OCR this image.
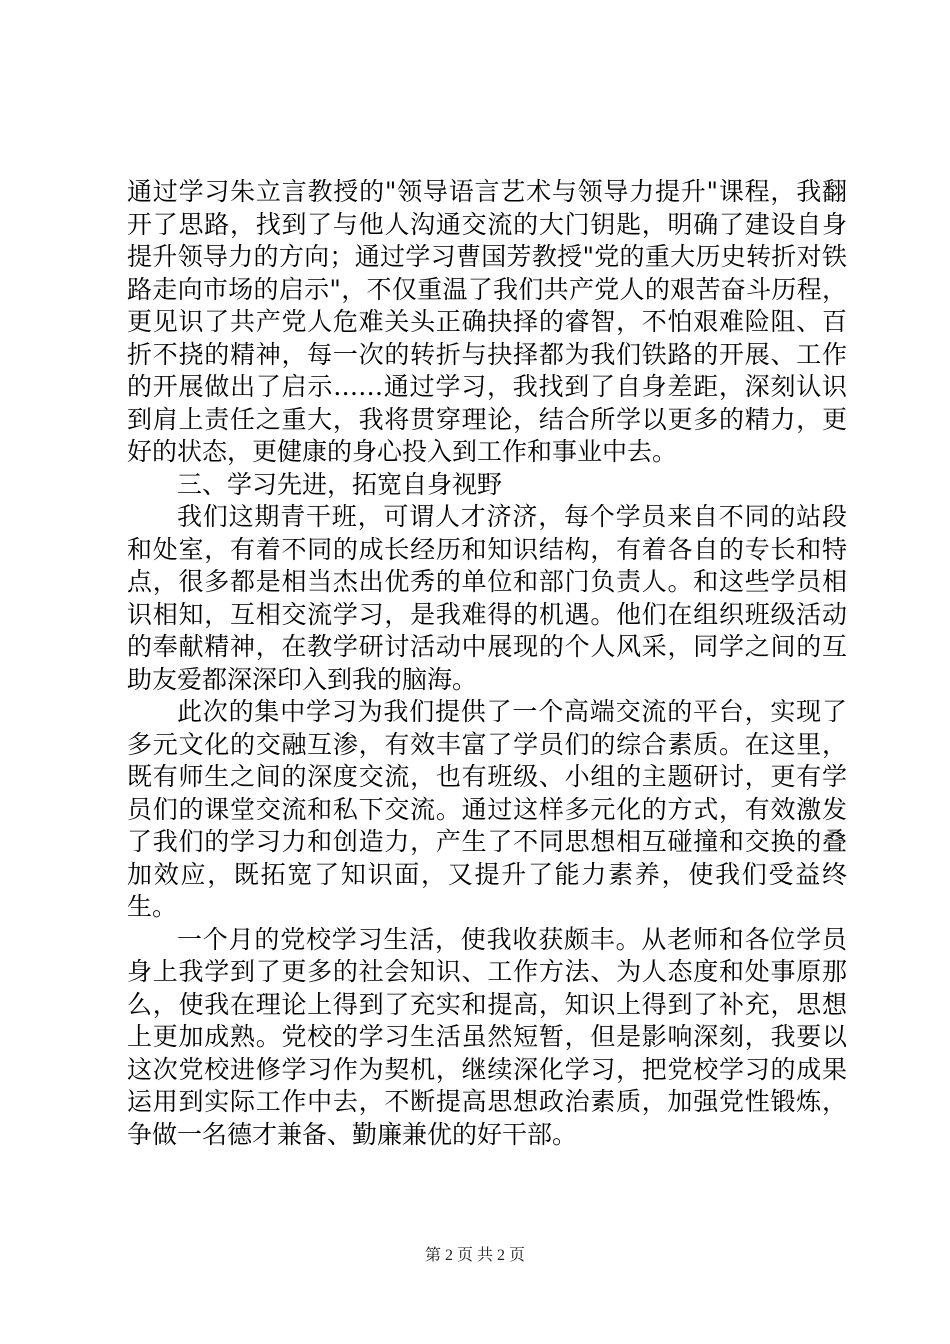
通过学习朱立言教授的"领导语言艺术与领导力提升"课程，我翻开了思路，找到了与他人沟通交流的大门钥匙，明确了建设自身提升领导力的方向；通过学习曹国芳教授"党的重大历史转折对铁路走向市场的启示"，不仅重温了我们共产党人的艰苦奋斗历程，更见识了共产党人危难关头正确抉择的睿智，不怕艰难险阻、百折不挠的精神，每一次的转折与抉择都为我们铁路的开展、工作的开展做出了启示……通过学习，我找到了自身差距，深刻认识到肩上责任之重大，我将贯穿理论，结合所学以更多的精力，更好的状态，更健康的身心投入到工作和事业中去。

三、学习先进，拓宽自身视野

我们这期青干班，可谓人才济济，每个学员来自不同的站段和处室，有着不同的成长经历和知识结构，有着各自的专长和特点，很多都是相当杰出优秀的单位和部门负责人。和这些学员相识相知，互相交流学习，是我难得的机遇。他们在组织班级活动的奉献精神，在教学研讨活动中展现的个人风采，同学之间的互助友爱都深深印入到我的脑海。

此次的集中学习为我们提供了一个高端交流的平台，实现了多元文化的交融互渗，有效丰富了学员们的综合素质。在这里，既有师生之间的深度交流，也有班级、小组的主题研讨，更有学员们的课堂交流和私下交流。通过这样多元化的方式，有效激发了我们的学习力和创造力，产生了不同思想相互碰撞和交换的叠加效应，既拓宽了知识面，又提升了能力素养，使我们受益终生。

一个月的党校学习生活，使我收获颇丰。从老师和各位学员身上我学到了更多的社会知识、工作方法、为人态度和处事原那么，使我在理论上得到了充实和提高，知识上得到了补充，思想上更加成熟。党校的学习生活虽然短暂，但是影响深刻，我要以这次党校进修学习作为契机，继续深化学习，把党校学习的成果运用到实际工作中去，不断提高思想政治素质，加强党性锻炼，争做一名德才兼备、勤廉兼优的好干部。

第 2 页 共 2 页
